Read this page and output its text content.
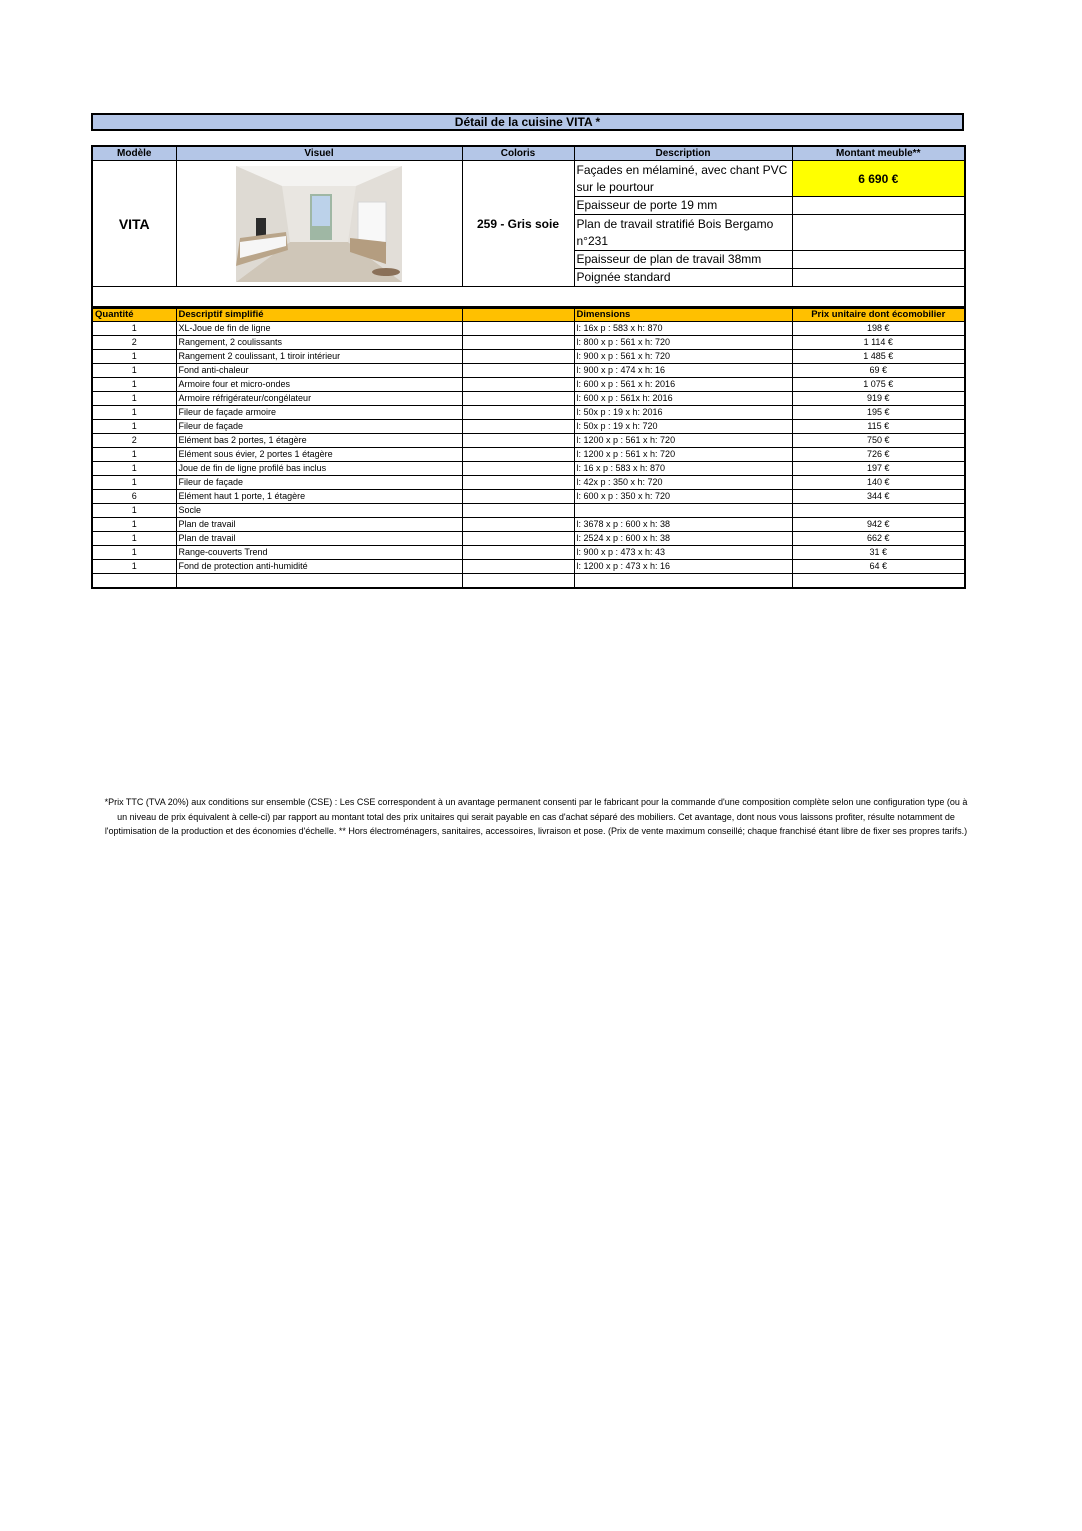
Détail de la cuisine VITA *
Modèle	Visuel	Coloris	Description	Montant meuble**
VITA		259 - Gris soie	Façades en mélaminé, avec chant PVC sur le pourtour	6 690 €
			Epaisseur de porte 19 mm	
			Plan de travail stratifié Bois Bergamo n°231	
			Epaisseur de plan de travail 38mm	
			Poignée standard	

Quantité	Descriptif simplifié		Dimensions	Prix unitaire dont écomobilier
1	XL-Joue de fin de ligne		l: 16x p : 583 x h: 870	198 €
2	Rangement, 2 coulissants		l: 800 x p : 561 x h: 720	1 114 €
1	Rangement 2 coulissant, 1 tiroir intérieur		l: 900 x p : 561 x h: 720	1 485 €
1	Fond anti-chaleur		l: 900 x p : 474 x h: 16	69 €
1	Armoire four et micro-ondes		l: 600 x p : 561 x h: 2016	1 075 €
1	Armoire réfrigérateur/congélateur		l: 600 x p : 561x h: 2016	919 €
1	Fileur de façade armoire		l: 50x p : 19 x h: 2016	195 €
1	Fileur de façade		l: 50x p : 19 x h: 720	115 €
2	Elément bas 2 portes, 1 étagère		l: 1200 x p : 561 x h: 720	750 €
1	Elément sous évier, 2 portes 1 étagère		l: 1200 x p : 561 x h: 720	726 €
1	Joue de fin de ligne profilé bas inclus		l: 16 x p : 583 x h: 870	197 €
1	Fileur de façade		l: 42x p : 350 x h: 720	140 €
6	Elément haut 1 porte, 1 étagère		l: 600 x p : 350 x h: 720	344 €
1	Socle			
1	Plan de travail		l: 3678 x p : 600 x h: 38	942 €
1	Plan de travail		l: 2524 x p : 600 x h: 38	662 €
1	Range-couverts Trend		l: 900 x p : 473 x h: 43	31 €
1	Fond de protection anti-humidité		l: 1200 x p : 473 x h: 16	64 €

*Prix TTC (TVA 20%) aux conditions sur ensemble (CSE) : Les CSE correspondent à un avantage permanent consenti par le fabricant pour la commande d'une composition complète selon une configuration type (ou à un niveau de prix équivalent à celle-ci) par rapport au montant total des prix unitaires qui serait payable en cas d'achat séparé des mobiliers. Cet avantage, dont nous vous laissons profiter, résulte notamment de l'optimisation de la production et des économies d'échelle. ** Hors électroménagers, sanitaires, accessoires, livraison et pose. (Prix de vente maximum conseillé; chaque franchisé étant libre de fixer ses propres tarifs.)
